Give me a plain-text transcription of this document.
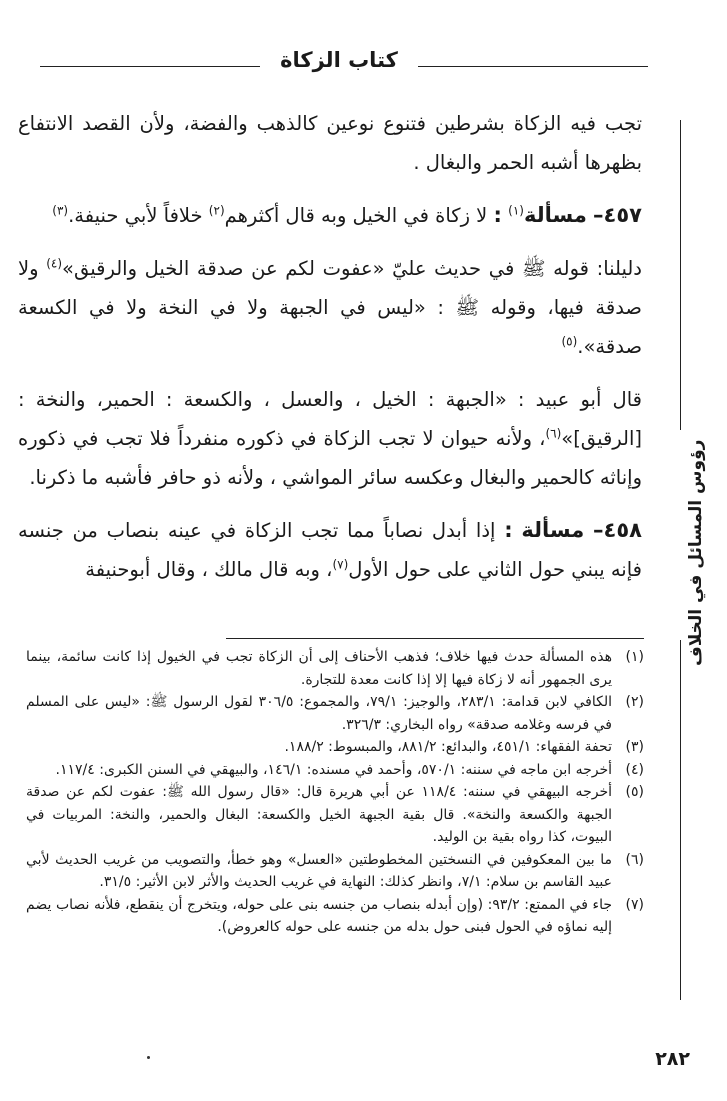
كتاب الزكاة
رؤوس المسائل في الخلاف

تجب فيه الزكاة بشرطين فتنوع نوعين كالذهب والفضة، ولأن القصد الانتفاع بظهرها أشبه الحمر والبغال .

٤٥٧– مسألة$^{(١)}$ : لا زكاة في الخيل وبه قال أكثرهم$^{(٢)}$ خلافاً لأبي حنيفة.$^{(٣)}$

دليلنا: قوله ﷺ في حديث عليّ «عفوت لكم عن صدقة الخيل والرقيق»$^{(٤)}$ ولا صدقة فيها، وقوله ﷺ : «ليس في الجبهة ولا في النخة ولا في الكسعة صدقة».$^{(٥)}$

قال أبو عبيد : «الجبهة : الخيل ، والعسل ، والكسعة : الحمير، والنخة : [الرقيق]»$^{(٦)}$، ولأنه حيوان لا تجب الزكاة في ذكوره منفرداً فلا تجب في ذكوره وإناثه كالحمير والبغال وعكسه سائر المواشي ، ولأنه ذو حافر فأشبه ما ذكرنا.

٤٥٨– مسألة : إذا أبدل نصاباً مما تجب الزكاة في عينه بنصاب من جنسه فإنه يبني حول الثاني على حول الأول$^{(٧)}$، وبه قال مالك ، وقال أبوحنيفة

(١)
هذه المسألة حدث فيها خلاف؛ فذهب الأحناف إلى أن الزكاة تجب في الخيول إذا كانت سائمة، بينما يرى الجمهور أنه لا زكاة فيها إلا إذا كانت معدة للتجارة.
(٢)
الكافي لابن قدامة: ٢٨٣/١، والوجيز: ٧٩/١، والمجموع: ٣٠٦/٥ لقول الرسول ﷺ: «ليس على المسلم في فرسه وغلامه صدقة» رواه البخاري: ٣٢٦/٣.
(٣)
تحفة الفقهاء: ٤٥١/١، والبدائع: ٨٨١/٢، والمبسوط: ١٨٨/٢.
(٤)
أخرجه ابن ماجه في سننه: ٥٧٠/١، وأحمد في مسنده: ١٤٦/١، والبيهقي في السنن الكبرى: ١١٧/٤.
(٥)
أخرجه البيهقي في سننه: ١١٨/٤ عن أبي هريرة قال: «قال رسول الله ﷺ: عفوت لكم عن صدقة الجبهة والكسعة والنخة». قال بقية الجبهة الخيل والكسعة: البغال والحمير، والنخة: المربيات في البيوت، كذا رواه بقية بن الوليد.
(٦)
ما بين المعكوفين في النسختين المخطوطتين «العسل» وهو خطأ، والتصويب من غريب الحديث لأبي عبيد القاسم بن سلام: ٧/١، وانظر كذلك: النهاية في غريب الحديث والأثر لابن الأثير: ٣١/٥.
(٧)
جاء في الممتع: ٩٣/٢: (وإن أبدله بنصاب من جنسه بنى على حوله، ويتخرج أن ينقطع، فلأنه نصاب يضم إليه نماؤه في الحول فبنى حول بدله من جنسه على حوله كالعروض).
٢٨٢
